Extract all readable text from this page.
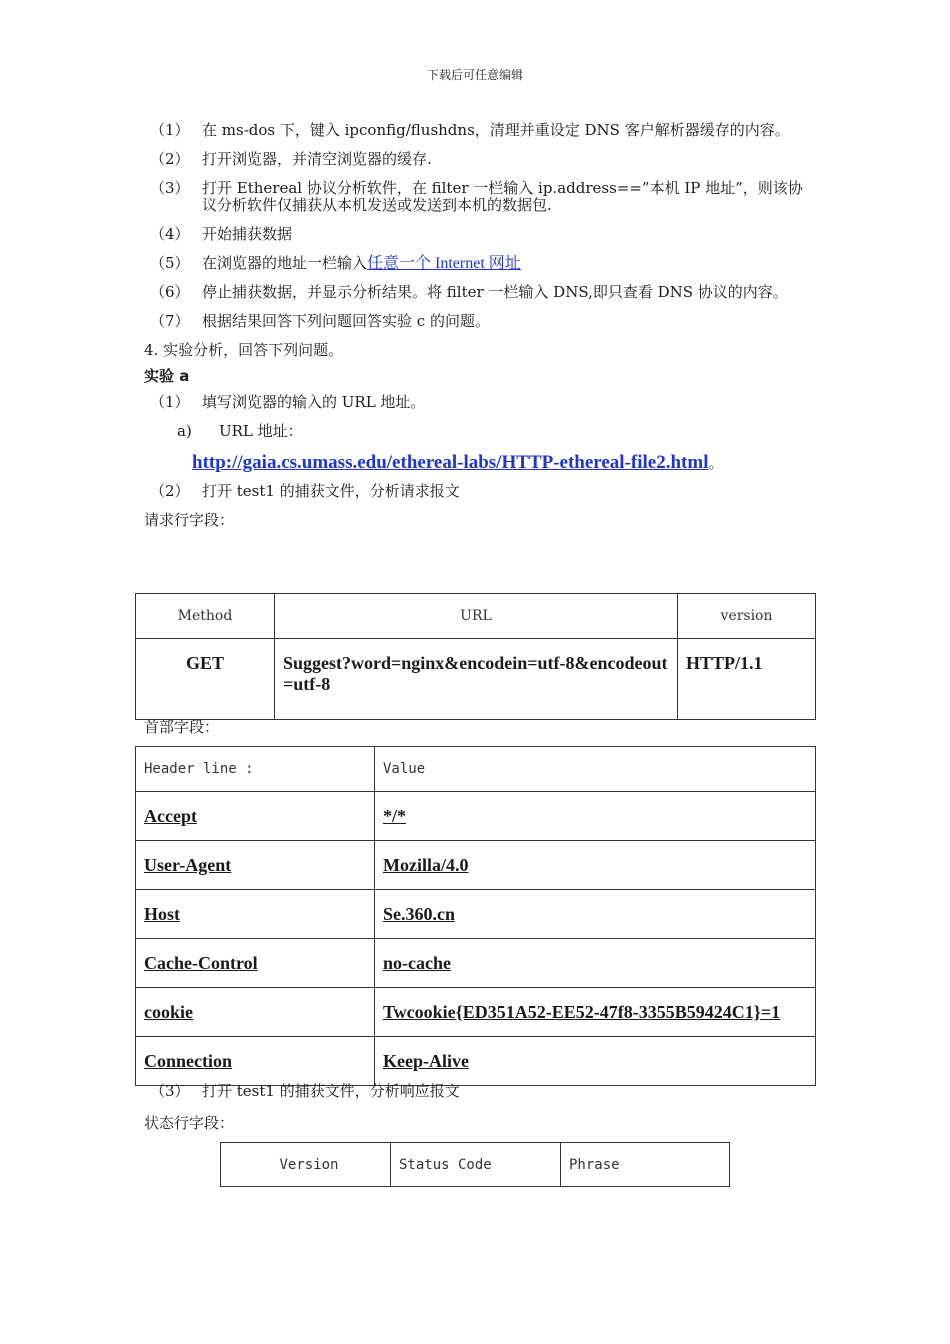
下载后可任意编辑
（1） 在 ms-dos 下，键入 ipconfig/flushdns，清理并重设定 DNS 客户解析器缓存的内容。
（2） 打开浏览器，并清空浏览器的缓存.
（3） 打开 Ethereal 协议分析软件，在 filter 一栏输入 ip.address==”本机 IP 地址”，则该协议分析软件仅捕获从本机发送或发送到本机的数据包.
（4） 开始捕获数据
（5） 在浏览器的地址一栏输入任意一个 Internet 网址
（6） 停止捕获数据，并显示分析结果。将 filter 一栏输入 DNS,即只查看 DNS 协议的内容。
（7） 根据结果回答下列问题回答实验 c 的问题。
4. 实验分析，回答下列问题。
实验 a
（1） 填写浏览器的输入的 URL 地址。
a) URL 地址：
http://gaia.cs.umass.edu/ethereal-labs/HTTP-ethereal-file2.html。
（2） 打开 test1 的捕获文件，分析请求报文
请求行字段：
Method	URL	version
GET	Suggest?word=nginx&encodein=utf-8&encodeout=utf-8	HTTP/1.1
首部字段：
Header line :	Value
Accept	*/*
User-Agent	Mozilla/4.0
Host	Se.360.cn
Cache-Control	no-cache
cookie	Twcookie{ED351A52-EE52-47f8-3355B59424C1}=1
Connection	Keep-Alive
（3） 打开 test1 的捕获文件，分析响应报文
状态行字段：
Version	Status Code	Phrase
